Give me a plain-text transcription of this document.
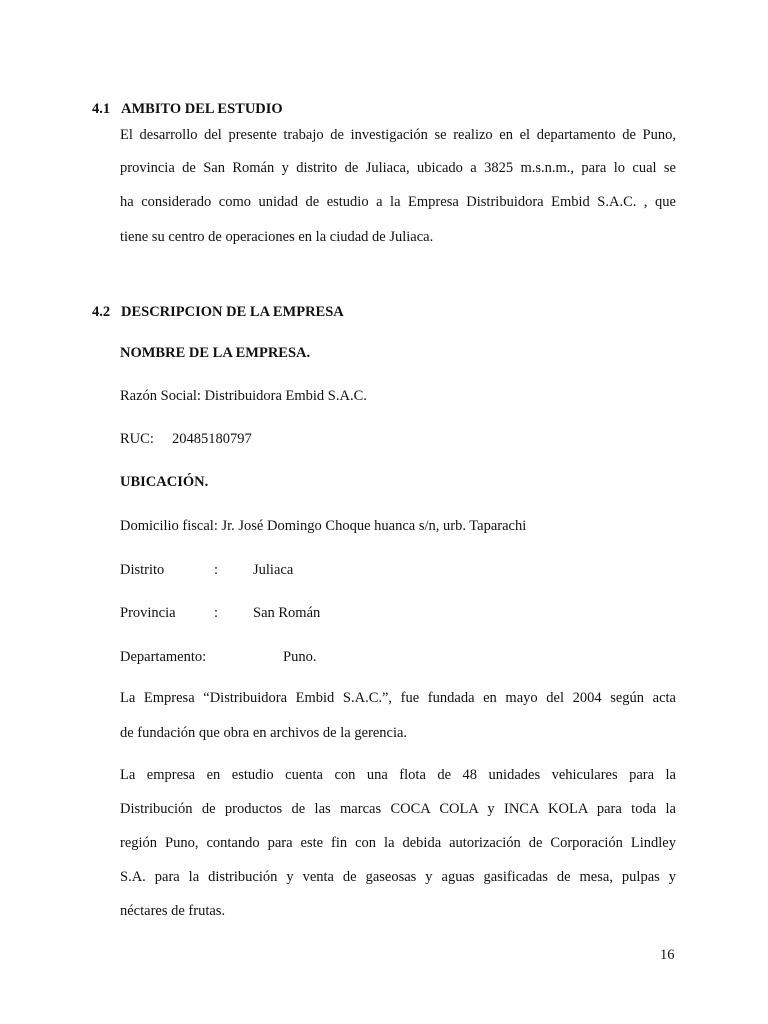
4.1 AMBITO DEL ESTUDIO
El desarrollo del presente trabajo de investigación se realizo en el departamento de Puno,
provincia de San Román y distrito de Juliaca, ubicado a 3825 m.s.n.m., para lo cual se
ha considerado como unidad de estudio a la Empresa Distribuidora Embid S.A.C. , que
tiene su centro de operaciones en la ciudad de Juliaca.
4.2 DESCRIPCION DE LA EMPRESA
NOMBRE DE LA EMPRESA.
Razón Social: Distribuidora Embid S.A.C.
RUC: 20485180797
UBICACIÓN.
Domicilio fiscal: Jr. José Domingo Choque huanca s/n, urb. Taparachi
Distrito	: Juliaca
Provincia	: San Román
Departamento:	Puno.
La Empresa “Distribuidora Embid S.A.C.”, fue fundada en mayo del 2004 según acta
de fundación que obra en archivos de la gerencia.
La empresa en estudio cuenta con una flota de 48 unidades vehiculares para la
Distribución de productos de las marcas COCA COLA y INCA KOLA para toda la
región Puno, contando para este fin con la debida autorización de Corporación Lindley
S.A. para la distribución y venta de gaseosas y aguas gasificadas de mesa, pulpas y
néctares de frutas.
16
